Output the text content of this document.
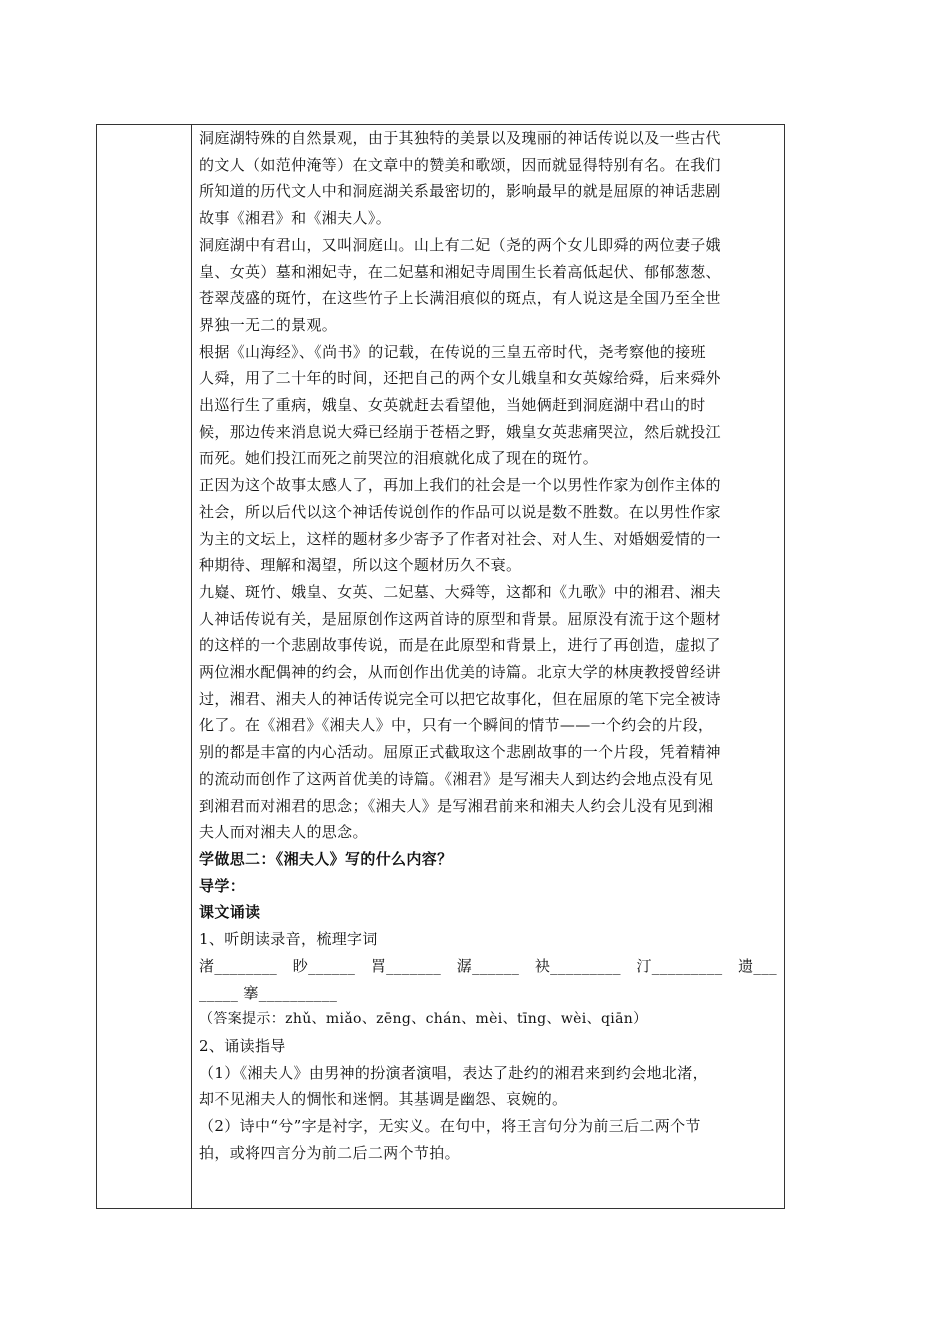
洞庭湖特殊的自然景观，由于其独特的美景以及瑰丽的神话传说以及一些古代
的文人（如范仲淹等）在文章中的赞美和歌颂，因而就显得特别有名。在我们
所知道的历代文人中和洞庭湖关系最密切的，影响最早的就是屈原的神话悲剧
故事《湘君》和《湘夫人》。
洞庭湖中有君山，又叫洞庭山。山上有二妃（尧的两个女儿即舜的两位妻子娥
皇、女英）墓和湘妃寺，在二妃墓和湘妃寺周围生长着高低起伏、郁郁葱葱、
苍翠茂盛的斑竹，在这些竹子上长满泪痕似的斑点，有人说这是全国乃至全世
界独一无二的景观。
根据《山海经》、《尚书》的记载，在传说的三皇五帝时代，尧考察他的接班
人舜，用了二十年的时间，还把自己的两个女儿娥皇和女英嫁给舜，后来舜外
出巡行生了重病，娥皇、女英就赶去看望他，当她俩赶到洞庭湖中君山的时
候，那边传来消息说大舜已经崩于苍梧之野，娥皇女英悲痛哭泣，然后就投江
而死。她们投江而死之前哭泣的泪痕就化成了现在的斑竹。
正因为这个故事太感人了，再加上我们的社会是一个以男性作家为创作主体的
社会，所以后代以这个神话传说创作的作品可以说是数不胜数。在以男性作家
为主的文坛上，这样的题材多少寄予了作者对社会、对人生、对婚姻爱情的一
种期待、理解和渴望，所以这个题材历久不衰。
九嶷、斑竹、娥皇、女英、二妃墓、大舜等，这都和《九歌》中的湘君、湘夫
人神话传说有关，是屈原创作这两首诗的原型和背景。屈原没有流于这个题材
的这样的一个悲剧故事传说，而是在此原型和背景上，进行了再创造，虚拟了
两位湘水配偶神的约会，从而创作出优美的诗篇。北京大学的林庚教授曾经讲
过，湘君、湘夫人的神话传说完全可以把它故事化，但在屈原的笔下完全被诗
化了。在《湘君》《湘夫人》中，只有一个瞬间的情节——一个约会的片段，
别的都是丰富的内心活动。屈原正式截取这个悲剧故事的一个片段，凭着精神
的流动而创作了这两首优美的诗篇。《湘君》是写湘夫人到达约会地点没有见
到湘君而对湘君的思念；《湘夫人》是写湘君前来和湘夫人约会儿没有见到湘
夫人而对湘夫人的思念。
学做思二：《湘夫人》写的什么内容？
导学：
课文诵读
1、听朗读录音，梳理字词
渚________ 眇______ 罥_______ 潺______ 袂_________ 汀_________ 遗___
_____ 搴__________
（答案提示：zhǔ、miǎo、zēng、chán、mèi、tīng、wèi、qiān）
2、诵读指导
（1）《湘夫人》由男神的扮演者演唱，表达了赴约的湘君来到约会地北渚，
却不见湘夫人的惆怅和迷惘。其基调是幽怨、哀婉的。
（2）诗中“兮”字是衬字，无实义。在句中，将王言句分为前三后二两个节
拍，或将四言分为前二后二两个节拍。
